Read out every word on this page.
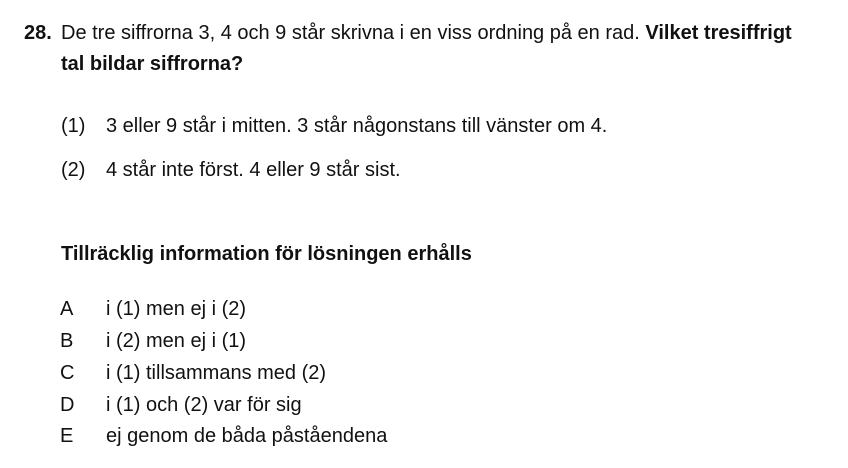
28. De tre siffrorna 3, 4 och 9 står skrivna i en viss ordning på en rad. Vilket tresiffrigt
tal bildar siffrorna?
(1) 3 eller 9 står i mitten. 3 står någonstans till vänster om 4.
(2) 4 står inte först. 4 eller 9 står sist.
Tillräcklig information för lösningen erhålls
A i (1) men ej i (2)
B i (2) men ej i (1)
C i (1) tillsammans med (2)
D i (1) och (2) var för sig
E ej genom de båda påståendena
